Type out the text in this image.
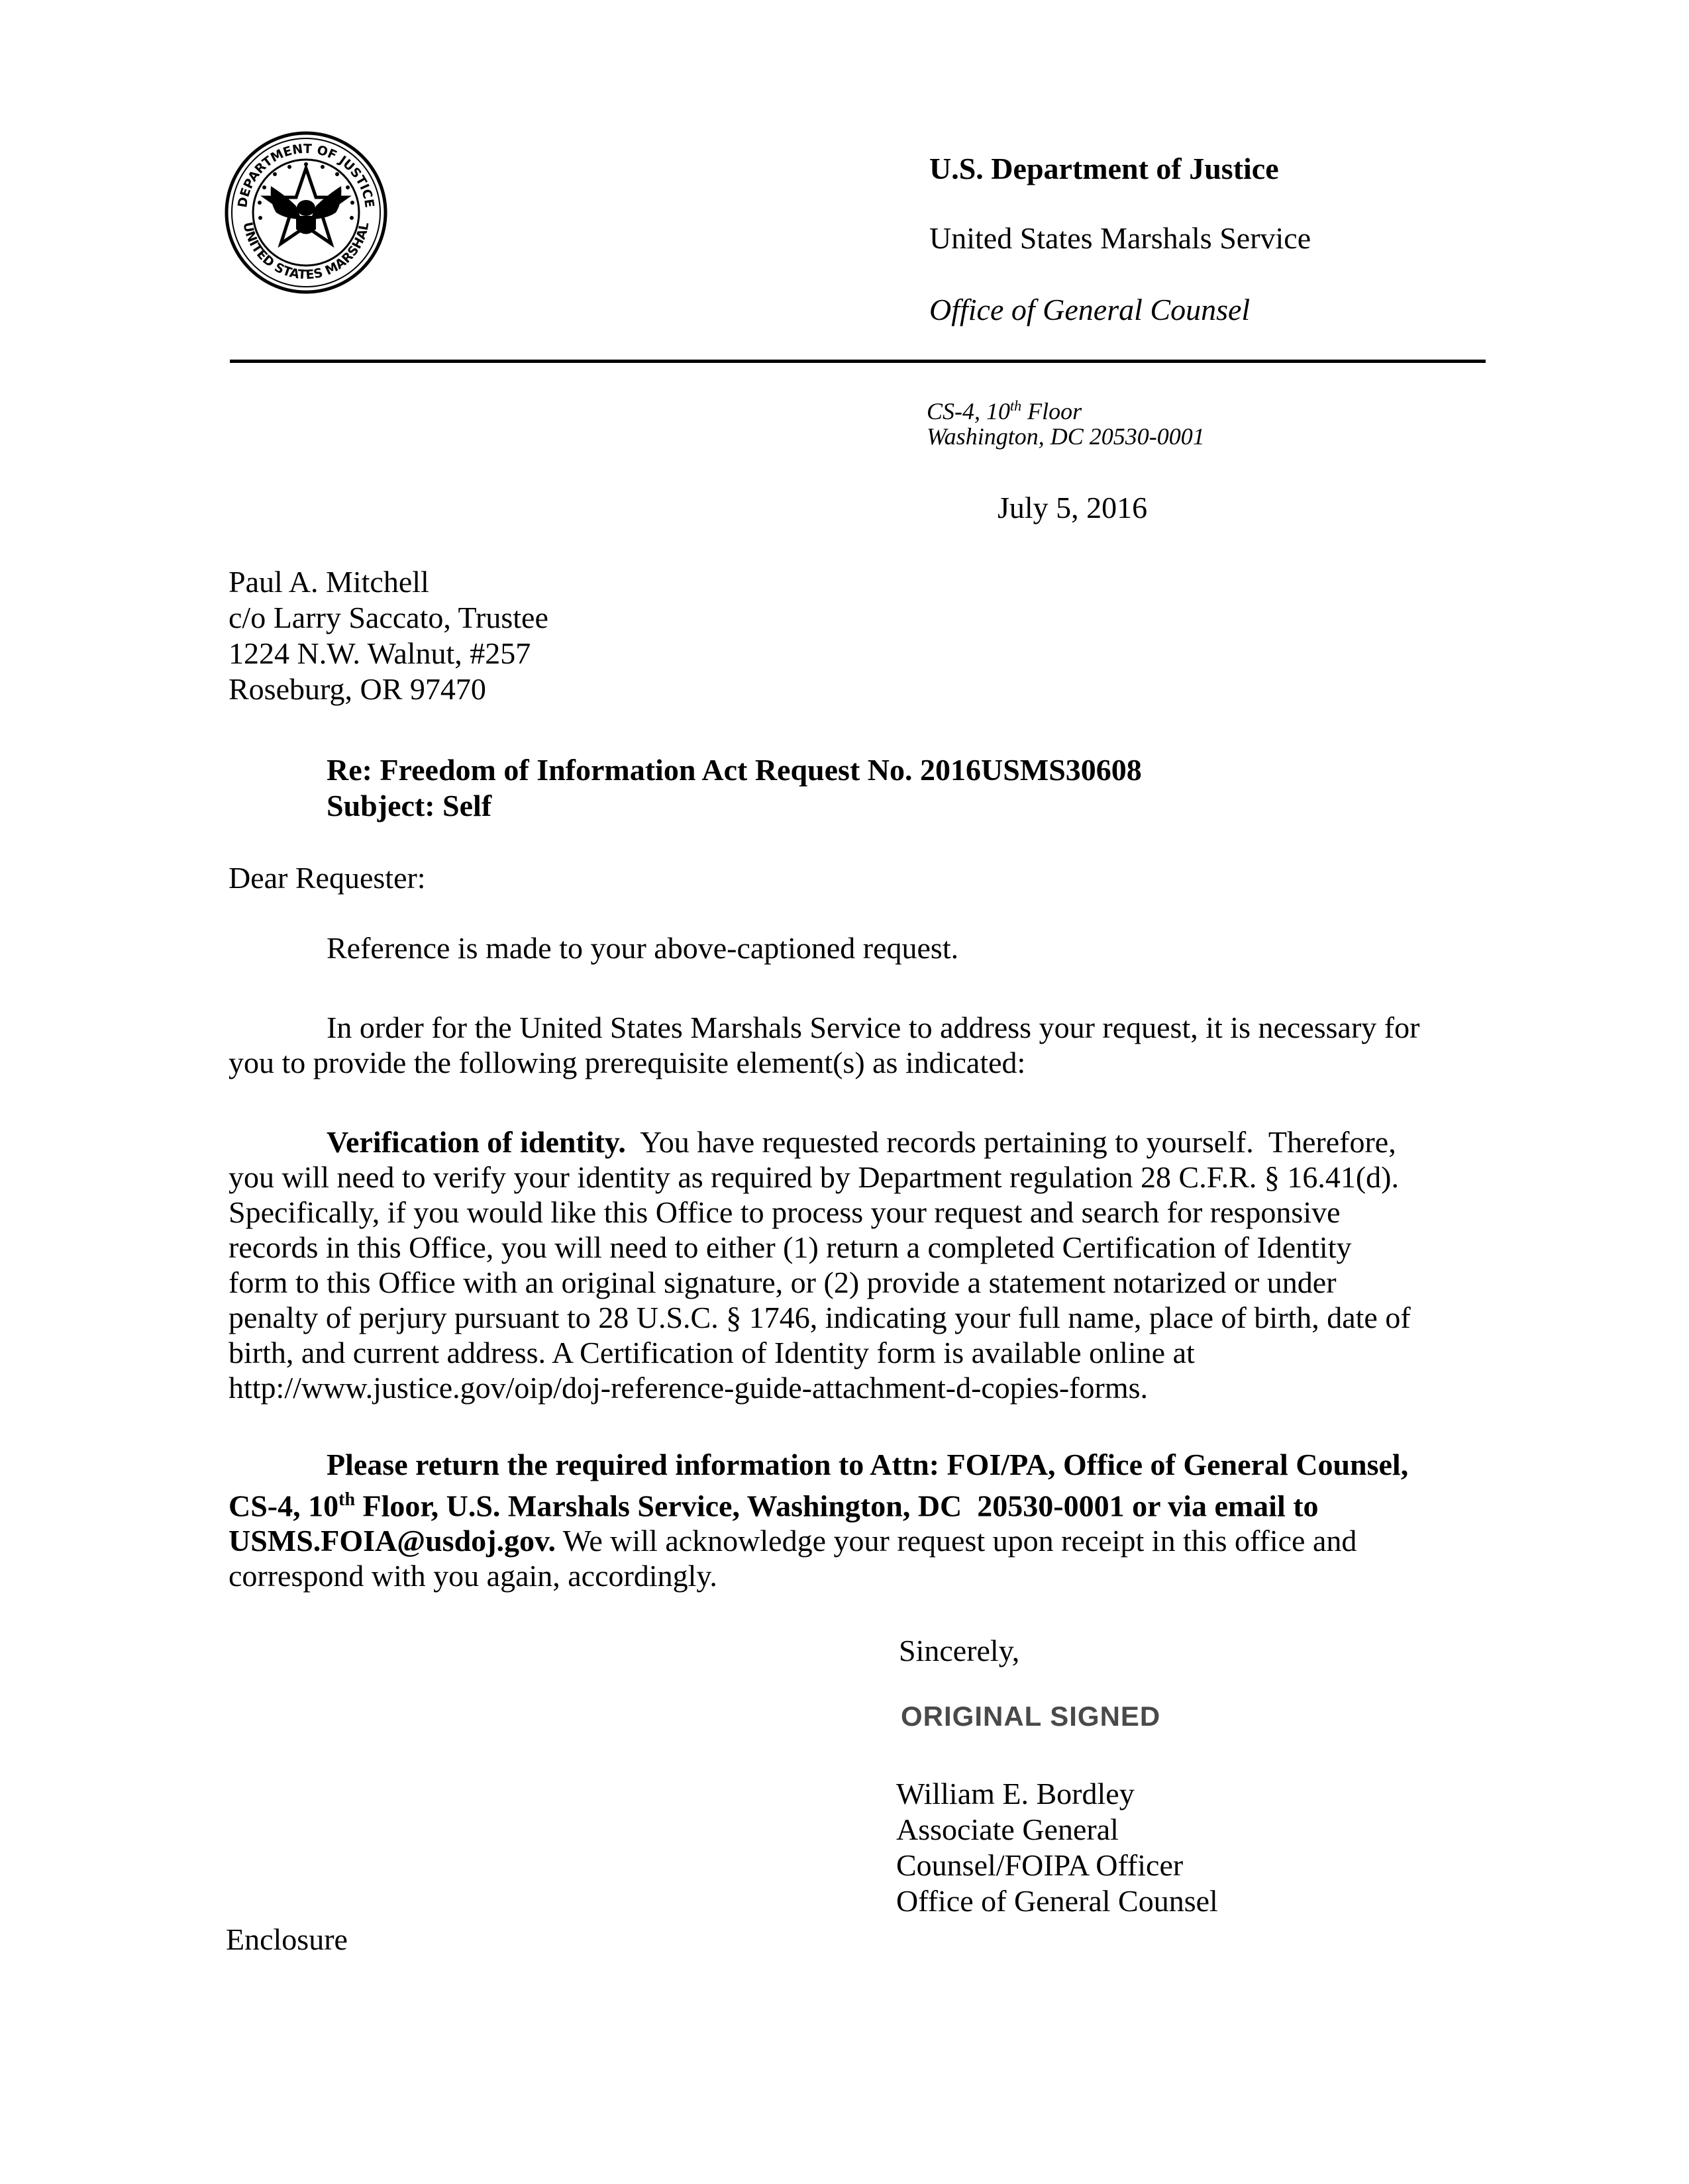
DEPARTMENT OF JUSTICE
UNITED STATES MARSHAL
U.S. Department of Justice
United States Marshals Service
Office of General Counsel
CS-4, 10th Floor
Washington, DC 20530-0001
July 5, 2016
Paul A. Mitchell
c/o Larry Saccato, Trustee
1224 N.W. Walnut, #257
Roseburg, OR 97470
Re: Freedom of Information Act Request No. 2016USMS30608
Subject: Self
Dear Requester:
Reference is made to your above-captioned request.
In order for the United States Marshals Service to address your request, it is necessary for
you to provide the following prerequisite element(s) as indicated:
Verification of identity.  You have requested records pertaining to yourself.  Therefore,
you will need to verify your identity as required by Department regulation 28 C.F.R. § 16.41(d).
Specifically, if you would like this Office to process your request and search for responsive
records in this Office, you will need to either (1) return a completed Certification of Identity
form to this Office with an original signature, or (2) provide a statement notarized or under
penalty of perjury pursuant to 28 U.S.C. § 1746, indicating your full name, place of birth, date of
birth, and current address. A Certification of Identity form is available online at
http://www.justice.gov/oip/doj-reference-guide-attachment-d-copies-forms.
Please return the required information to Attn: FOI/PA, Office of General Counsel,
CS-4, 10th Floor, U.S. Marshals Service, Washington, DC  20530-0001 or via email to
USMS.FOIA@usdoj.gov. We will acknowledge your request upon receipt in this office and
correspond with you again, accordingly.
Sincerely,
ORIGINAL SIGNED
William E. Bordley
Associate General
Counsel/FOIPA Officer
Office of General Counsel
Enclosure
